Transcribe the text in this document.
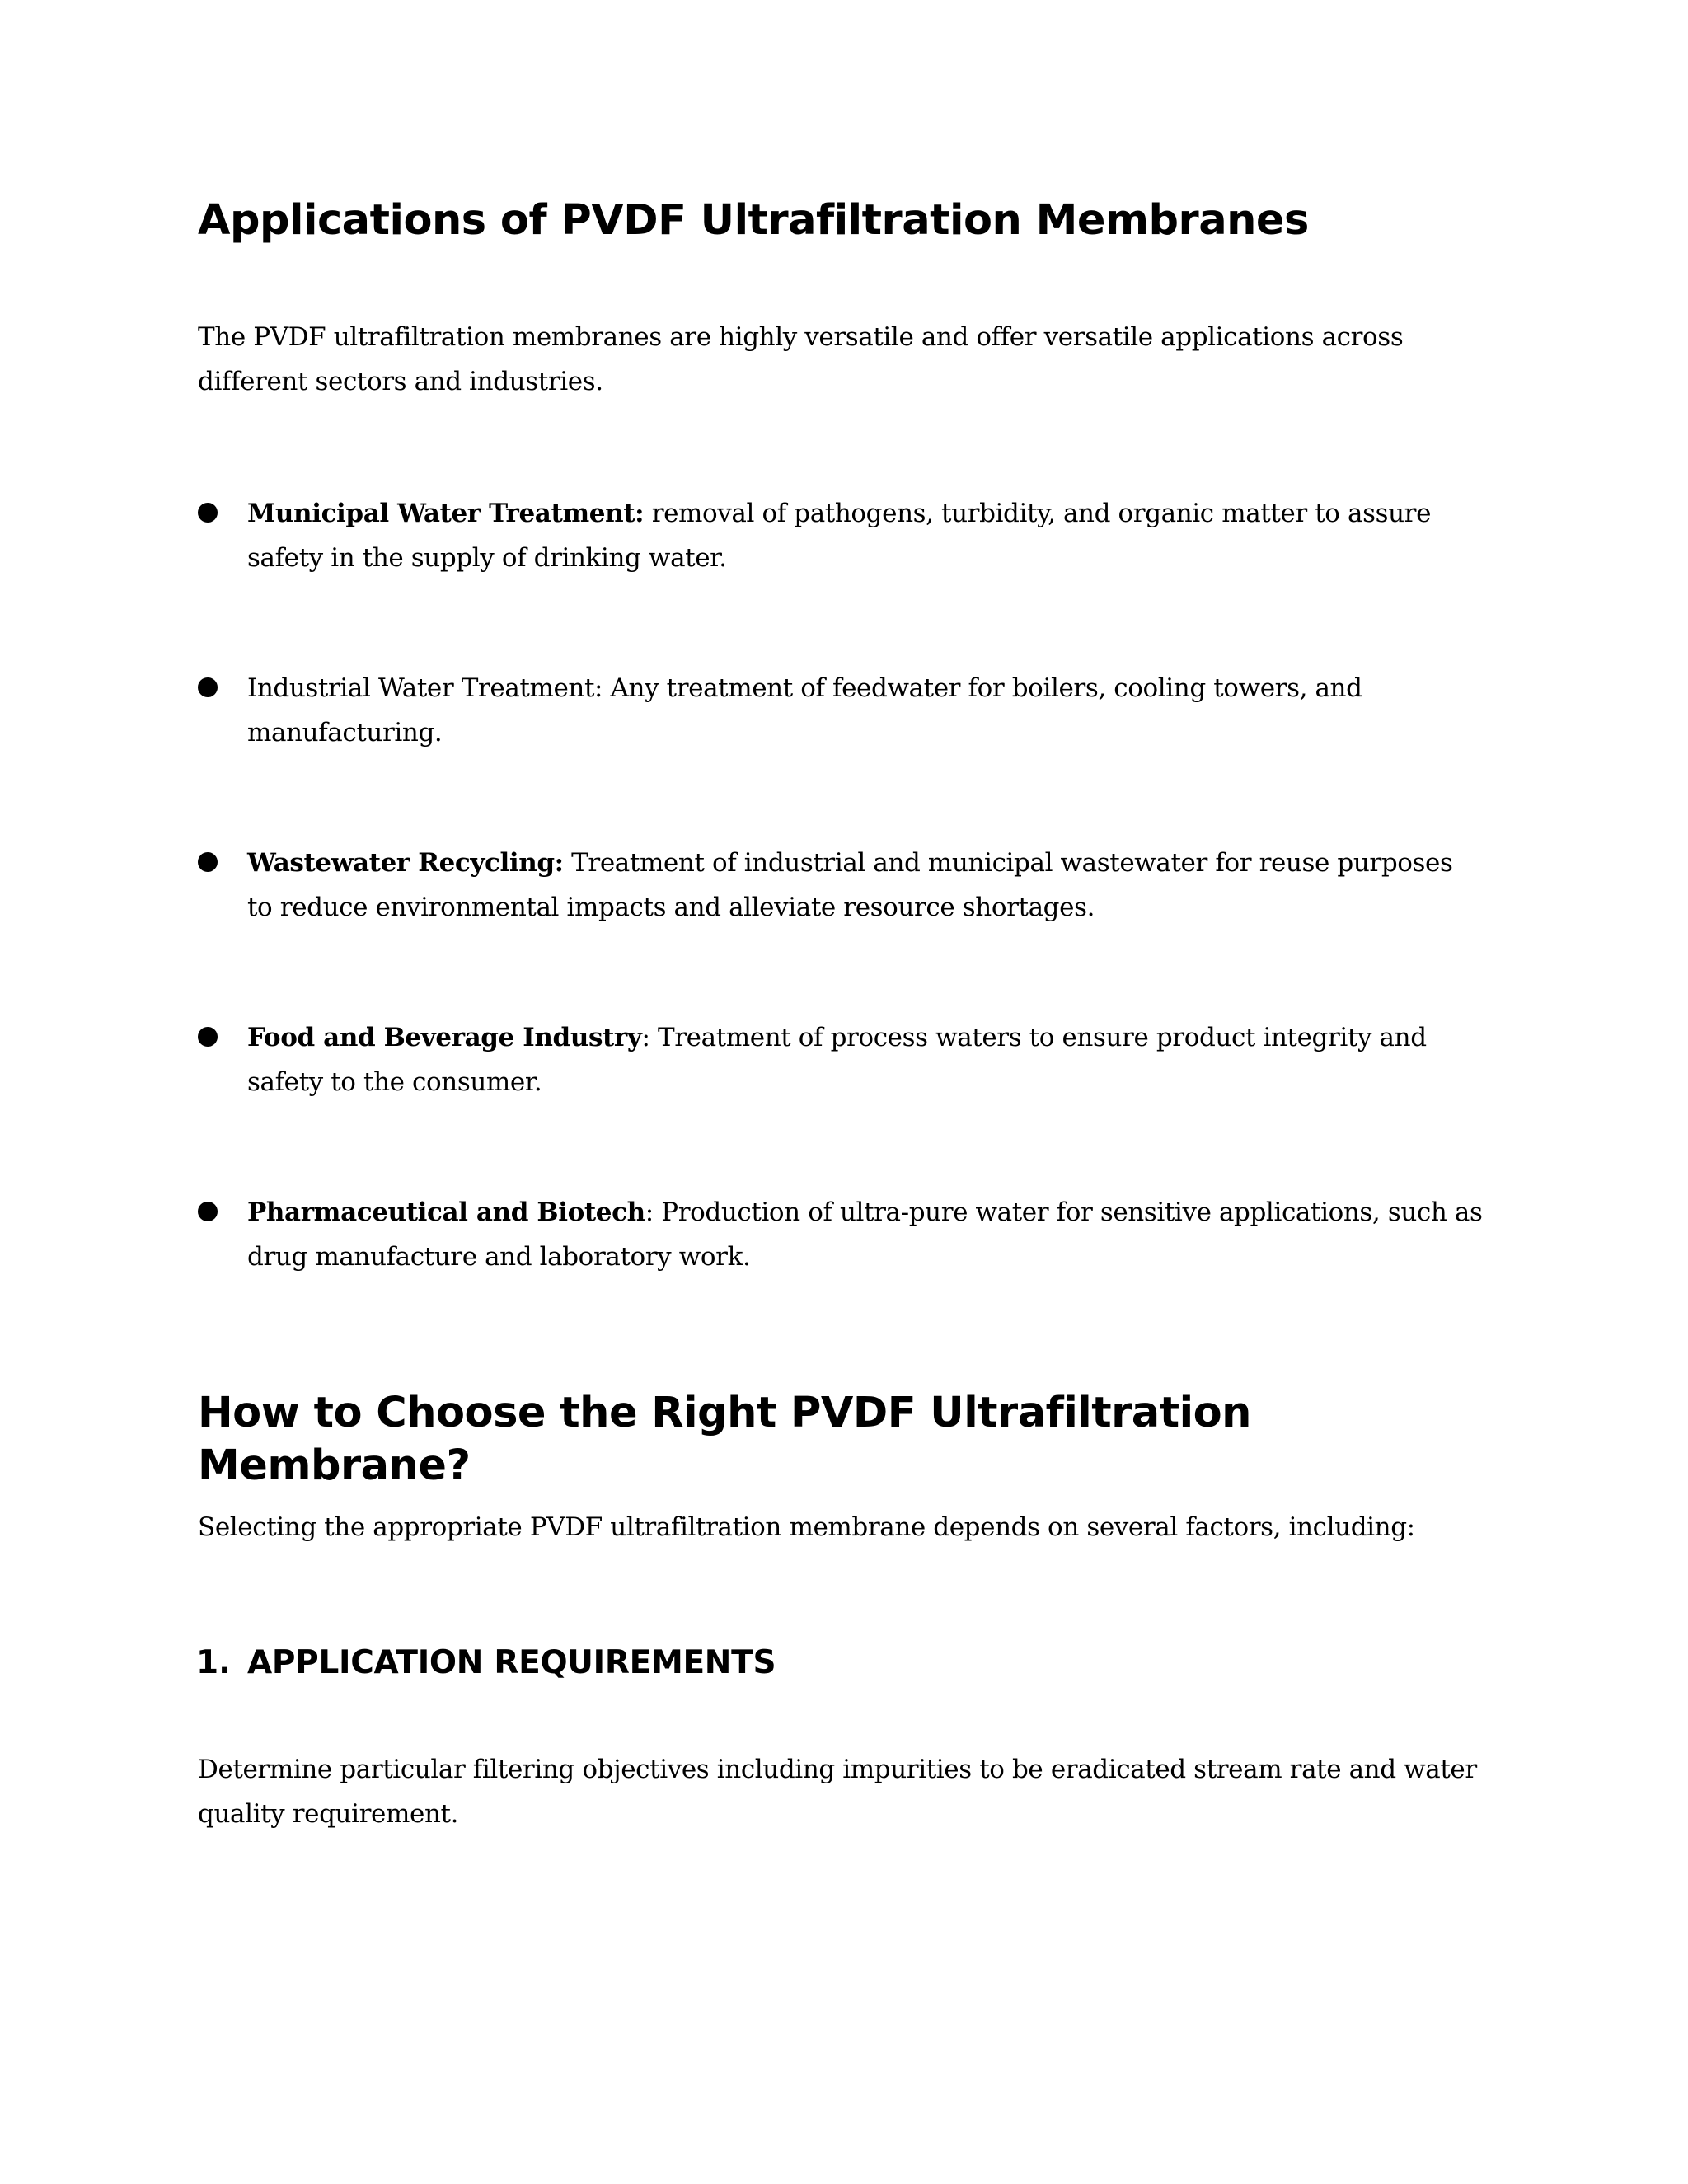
Applications of PVDF Ultrafiltration Membranes

The PVDF ultrafiltration membranes are highly versatile and offer versatile applications across different sectors and industries.

Municipal Water Treatment: removal of pathogens, turbidity, and organic matter to assure safety in the supply of drinking water.

Industrial Water Treatment: Any treatment of feedwater for boilers, cooling towers, and manufacturing.

Wastewater Recycling: Treatment of industrial and municipal wastewater for reuse purposes to reduce environmental impacts and alleviate resource shortages.

Food and Beverage Industry: Treatment of process waters to ensure product integrity and safety to the consumer.

Pharmaceutical and Biotech: Production of ultra-pure water for sensitive applications, such as drug manufacture and laboratory work.

How to Choose the Right PVDF Ultrafiltration Membrane?

Selecting the appropriate PVDF ultrafiltration membrane depends on several factors, including:

1. APPLICATION REQUIREMENTS

Determine particular filtering objectives including impurities to be eradicated stream rate and water quality requirement.
